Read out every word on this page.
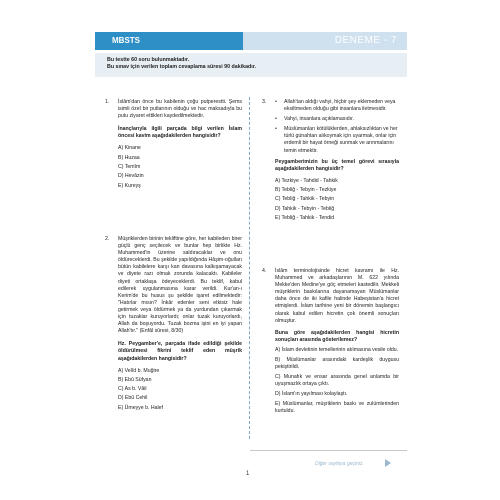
MBSTS	DENEME - 7
Bu testte 60 soru bulunmaktadır.
Bu sınav için verilen toplam cevaplama süresi 90 dakikadır.
1. İslâm'dan önce bu kabilenin çoğu putperestti. Şems isimli özel bir putlarının olduğu ve hac maksadıyla bu putu ziyaret ettikleri kaydedilmektedir.

İnançlarıyla ilgili parçada bilgi verilen İslam öncesi kavim aşağıdakilerden hangisidir?

A) Kinane

B) Huzaa

C) Temîm

D) Hevâzin

E) Kureyş

2. Müşriklerden birinin tekliftine göre, her kabileden birer güçlü genç seçilecek ve bunlar hep birlikte Hz. Muhammed'in üzerine saldıracaklar ve onu öldüreceklerdi. Bu şekilde yapıldığında Hâşim-oğulları bütün kabilelere karşı kan davasına kalkışamayacak ve diyete razı olmak zorunda kalacaktı. Kabileler diyeti ortaklaşa ödeyeceklerdi. Bu teklif, kabul edilerek uygulanmasına karar verildi. Kur'an-ı Kerim'de bu husus şu şekilde işaret edilmektedir: "Hatırlar mısın? İnkâr edenler seni etkisiz hale getirmek veya öldürmek ya da yurdundan çıkarmak için tuzaklar kuruyorlardı; onlar tuzak kuruyorlardı, Allah da boşuyordu. Tuzak bozma işini en iyi yapan Allah'tır." (Enfâl sûresi, 8/30)

Hz. Peygamber'e, parçada ifade edildiği şekilde öldürülmesi fikrini teklif eden müşrik aşağıdakilerden hangisidir?

A) Velîd b. Muğire

B) Ebû Süfyan

C) As b. Vâil

D) Ebû Cehil

E) Ümeyye b. Halef

3. • Allah'tan aldığı vahyi, hiçbir şey eklemeden veya eksiltmeden olduğu gibi insanlara iletmesidir.
• Vahyi, insanlara açıklamasıdır.
• Müslümanları kötülüklerden, ahlaksızlıktan ve her türlü günahtan alıkoymak için uyarmak, onlar için erdemli bir hayat örneği sunmak ve arınmalarını temin etmektir.

Peygamberimizin bu üç temel görevi sırasıyla aşağıdakilerden hangisidir?

A) Tezkiye - Tahdid - Tahkik

B) Tebliğ - Tebyin - Tezkiye

C) Tebliğ - Tahkik - Tebyin

D) Tahkik - Tebyin - Tebliğ

E) Tebliğ - Tahkik - Tendid

4. İslâm terminolojisinde hicret kavramı ile Hz. Muhammed ve arkadaşlarının M. 622 yılında Mekke'den Medine'ye göç etmeleri kastedilir. Mekkeli müşriklerin baskılarına dayanamayan Müslümanlar daha önce de iki kafile halinde Habeşistan'a hicret etmişlerdi. İslam tarihine yeni bir dönemin başlangıcı olarak kabul edilen hicretin çok önemli sonuçları olmuştur.

Buna göre aşağıdakilerden hangisi hicretin sonuçları arasında gösterilemez?

A) İslam devletinin temellerinin atılmasına vesile oldu.

B) Müslümanlar arasındaki kardeşlik duygusu pekiştirildi.

C) Munafık ve ensar arasında genel anlamda bir uyuşmazlık ortaya çıktı.

D) İslam'ın yayılması kolaylaştı.

E) Müslümanlar, müşriklerin baskı ve zulümlerinden kurtuldu.

Diğer sayfaya geçiniz.
1
